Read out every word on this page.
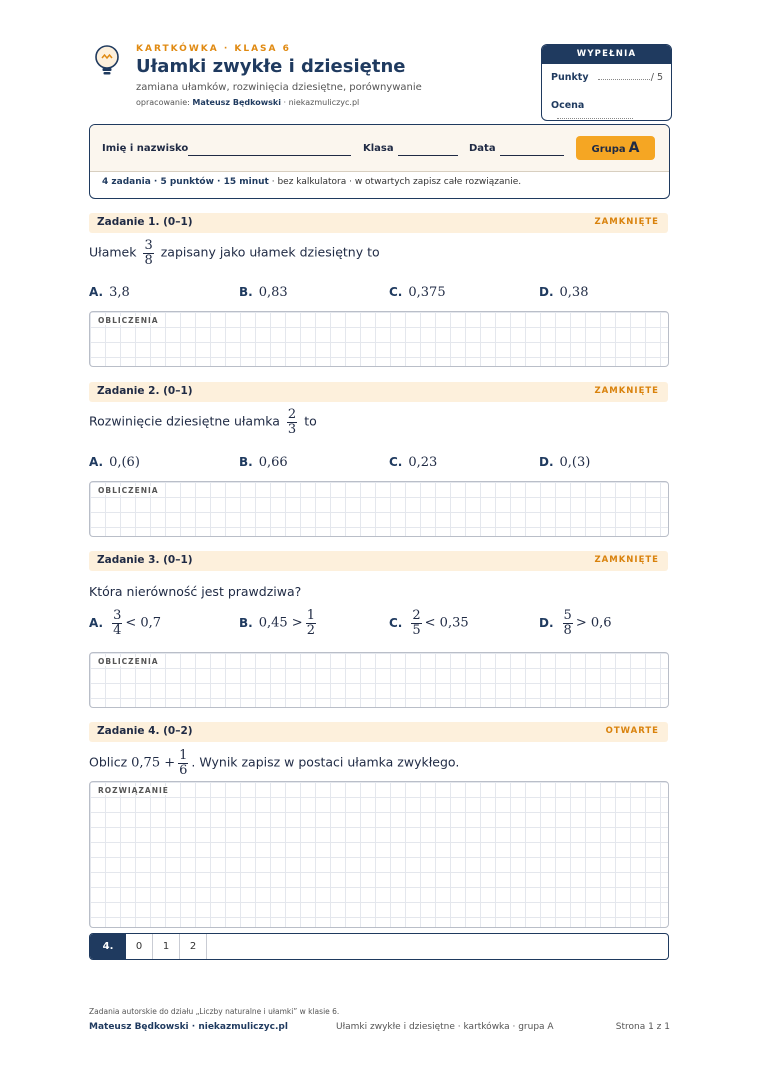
KARTKÓWKA · KLASA 6
Ułamki zwykłe i dziesiętne
zamiana ułamków, rozwinięcia dziesiętne, porównywanie
opracowanie: Mateusz Będkowski · niekazmuliczyc.pl
WYPEŁNIA NAUCZYCIEL
Punkty	/ 5
Ocena
Imię i nazwisko	Klasa	Data	Grupa A
4 zadania · 5 punktów · 15 minut · bez kalkulatora · w otwartych zapisz całe rozwiązanie.
Zadanie 1. (0–1)	ZAMKNIĘTE
Ułamek $\frac{3}{8}$ zapisany jako ułamek dziesiętny to
A. 3,8	B. 0,83	C. 0,375	D. 0,38
OBLICZENIA
Zadanie 2. (0–1)	ZAMKNIĘTE
Rozwinięcie dziesiętne ułamka $\frac{2}{3}$ to
A. 0,(6)	B. 0,66	C. 0,23	D. 0,(3)
OBLICZENIA
Zadanie 3. (0–1)	ZAMKNIĘTE
Która nierówność jest prawdziwa?
A. $\frac{3}{4} < 0,7$	B. $0,45 > \frac{1}{2}$	C. $\frac{2}{5} < 0,35$	D. $\frac{5}{8} > 0,6$
OBLICZENIA
Zadanie 4. (0–2)	OTWARTE
Oblicz $0,75 + \frac{1}{6}$ . Wynik zapisz w postaci ułamka zwykłego.
ROZWIĄZANIE
4.	0	1	2
Zadania autorskie do działu „Liczby naturalne i ułamki” w klasie 6.
Mateusz Będkowski · niekazmuliczyc.pl	Ułamki zwykłe i dziesiętne · kartkówka · grupa A	Strona 1 z 1
